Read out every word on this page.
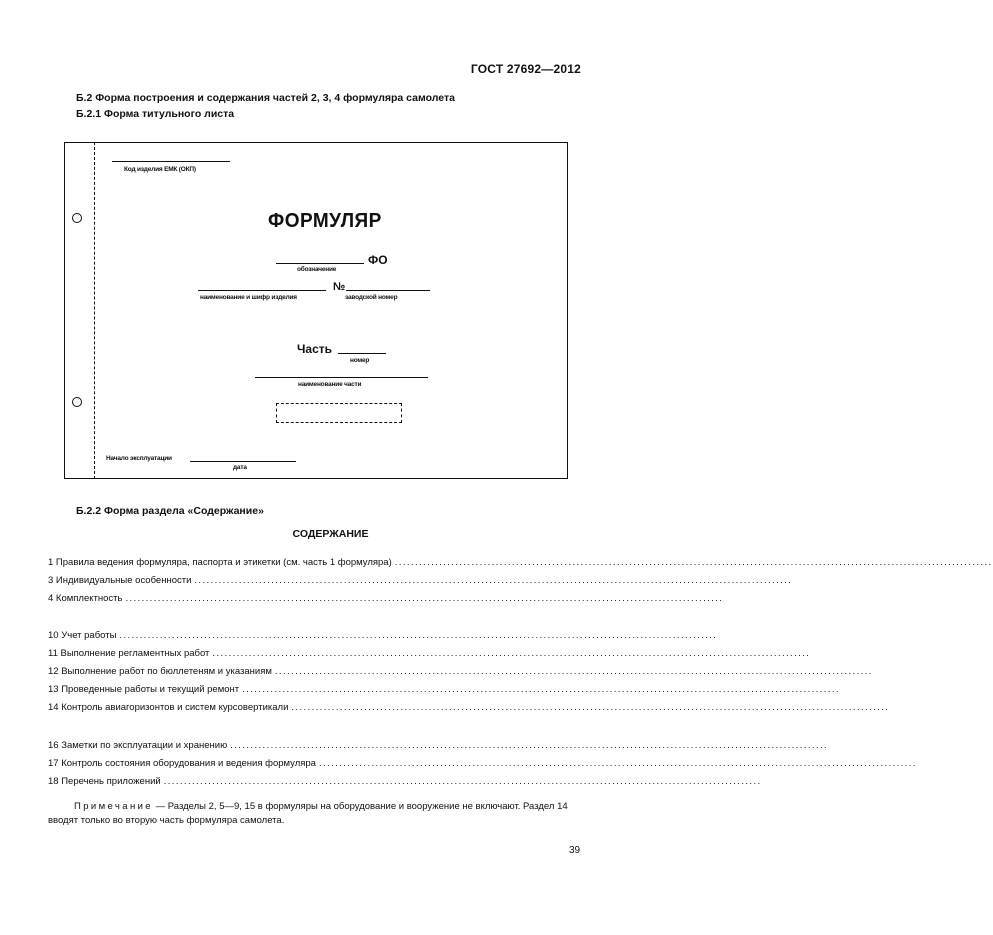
ГОСТ 27692—2012
Б.2 Форма построения и содержания частей 2, 3, 4 формуляра самолета
Б.2.1 Форма титульного листа
Код изделия ЕМК (ОКП)
ФОРМУЛЯР
ФО
обозначение
№
наименование и шифр изделия	заводской номер
Часть
номер
наименование части
Начало эксплуатации
дата
Б.2.2 Форма раздела «Содержание»
СОДЕРЖАНИЕ
1 Правила ведения формуляра, паспорта и этикетки (см. часть 1 формуляра) ....................................................................................................................................................
3 Индивидуальные особенности ....................................................................................................................................................
4 Комплектность ....................................................................................................................................................
10 Учет работы ....................................................................................................................................................
11 Выполнение регламентных работ ....................................................................................................................................................
12 Выполнение работ по бюллетеням и указаниям ....................................................................................................................................................
13 Проведенные работы и текущий ремонт ....................................................................................................................................................
14 Контроль авиагоризонтов и систем курсовертикали ....................................................................................................................................................
16 Заметки по эксплуатации и хранению ....................................................................................................................................................
17 Контроль состояния оборудования и ведения формуляра ....................................................................................................................................................
18 Перечень приложений ....................................................................................................................................................
Примечание — Разделы 2, 5—9, 15 в формуляры на оборудование и вооружение не включают. Раздел 14 вводят только во вторую часть формуляра самолета.
39
